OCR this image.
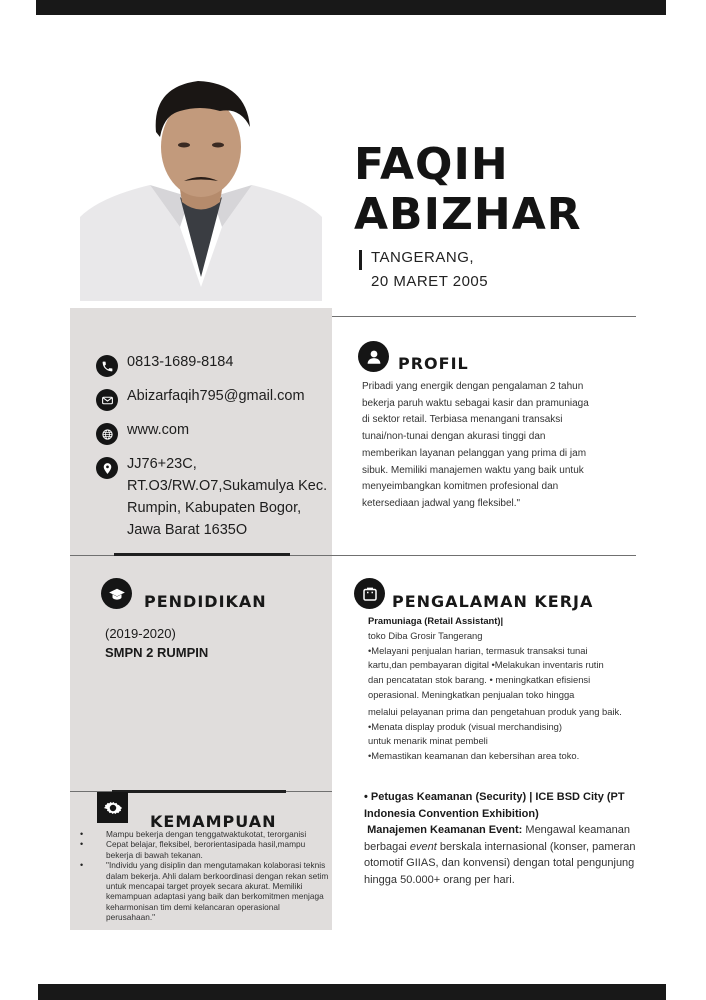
FAQIH
ABIZHAR
TANGERANG,
20 MARET 2005
0813-1689-8184
Abizarfaqih795@gmail.com
www.com
JJ76+23C, RT.O3/RW.O7,Sukamulya Kec. Rumpin, Kabupaten Bogor, Jawa Barat 1635O
PROFIL
Pribadi yang energik dengan pengalaman 2 tahun bekerja paruh waktu sebagai kasir dan pramuniaga di sektor retail. Terbiasa menangani transaksi tunai/non-tunai dengan akurasi tinggi dan memberikan layanan pelanggan yang prima di jam sibuk. Memiliki manajemen waktu yang baik untuk menyeimbangkan komitmen profesional dan ketersediaan jadwal yang fleksibel."
PENDIDIKAN
(2019-2020)
SMPN 2 RUMPIN
PENGALAMAN KERJA

Pramuniaga (Retail Assistant)|

toko Diba Grosir Tangerang

•Melayani penjualan harian, termasuk transaksi tunai

kartu,dan pembayaran digital •Melakukan inventaris rutin

dan pencatatan stok barang. • meningkatkan efisiensi

operasional. Meningkatkan penjualan toko hingga

melalui pelayanan prima dan pengetahuan produk yang baik.

•Menata display produk (visual merchandising)

untuk menarik minat pembeli

•Memastikan keamanan dan kebersihan area toko.

• Petugas Keamanan (Security) | ICE BSD City (PT Indonesia Convention Exhibition)
Manajemen Keamanan Event: Mengawal keamanan berbagai event berskala internasional (konser, pameran otomotif GIIAS, dan konvensi) dengan total pengunjung hingga 50.000+ orang per hari.
KEMAMPUAN
• Mampu bekerja dengan tenggatwaktukotat, terorganisi
• Cepat belajar, fleksibel, berorientasipada hasil,mampu bekerja di bawah tekanan.
• "Individu yang disiplin dan mengutamakan kolaborasi teknis dalam bekerja. Ahli dalam berkoordinasi dengan rekan setim untuk mencapai target proyek secara akurat. Memiliki kemampuan adaptasi yang baik dan berkomitmen menjaga keharmonisan tim demi kelancaran operasional perusahaan."
